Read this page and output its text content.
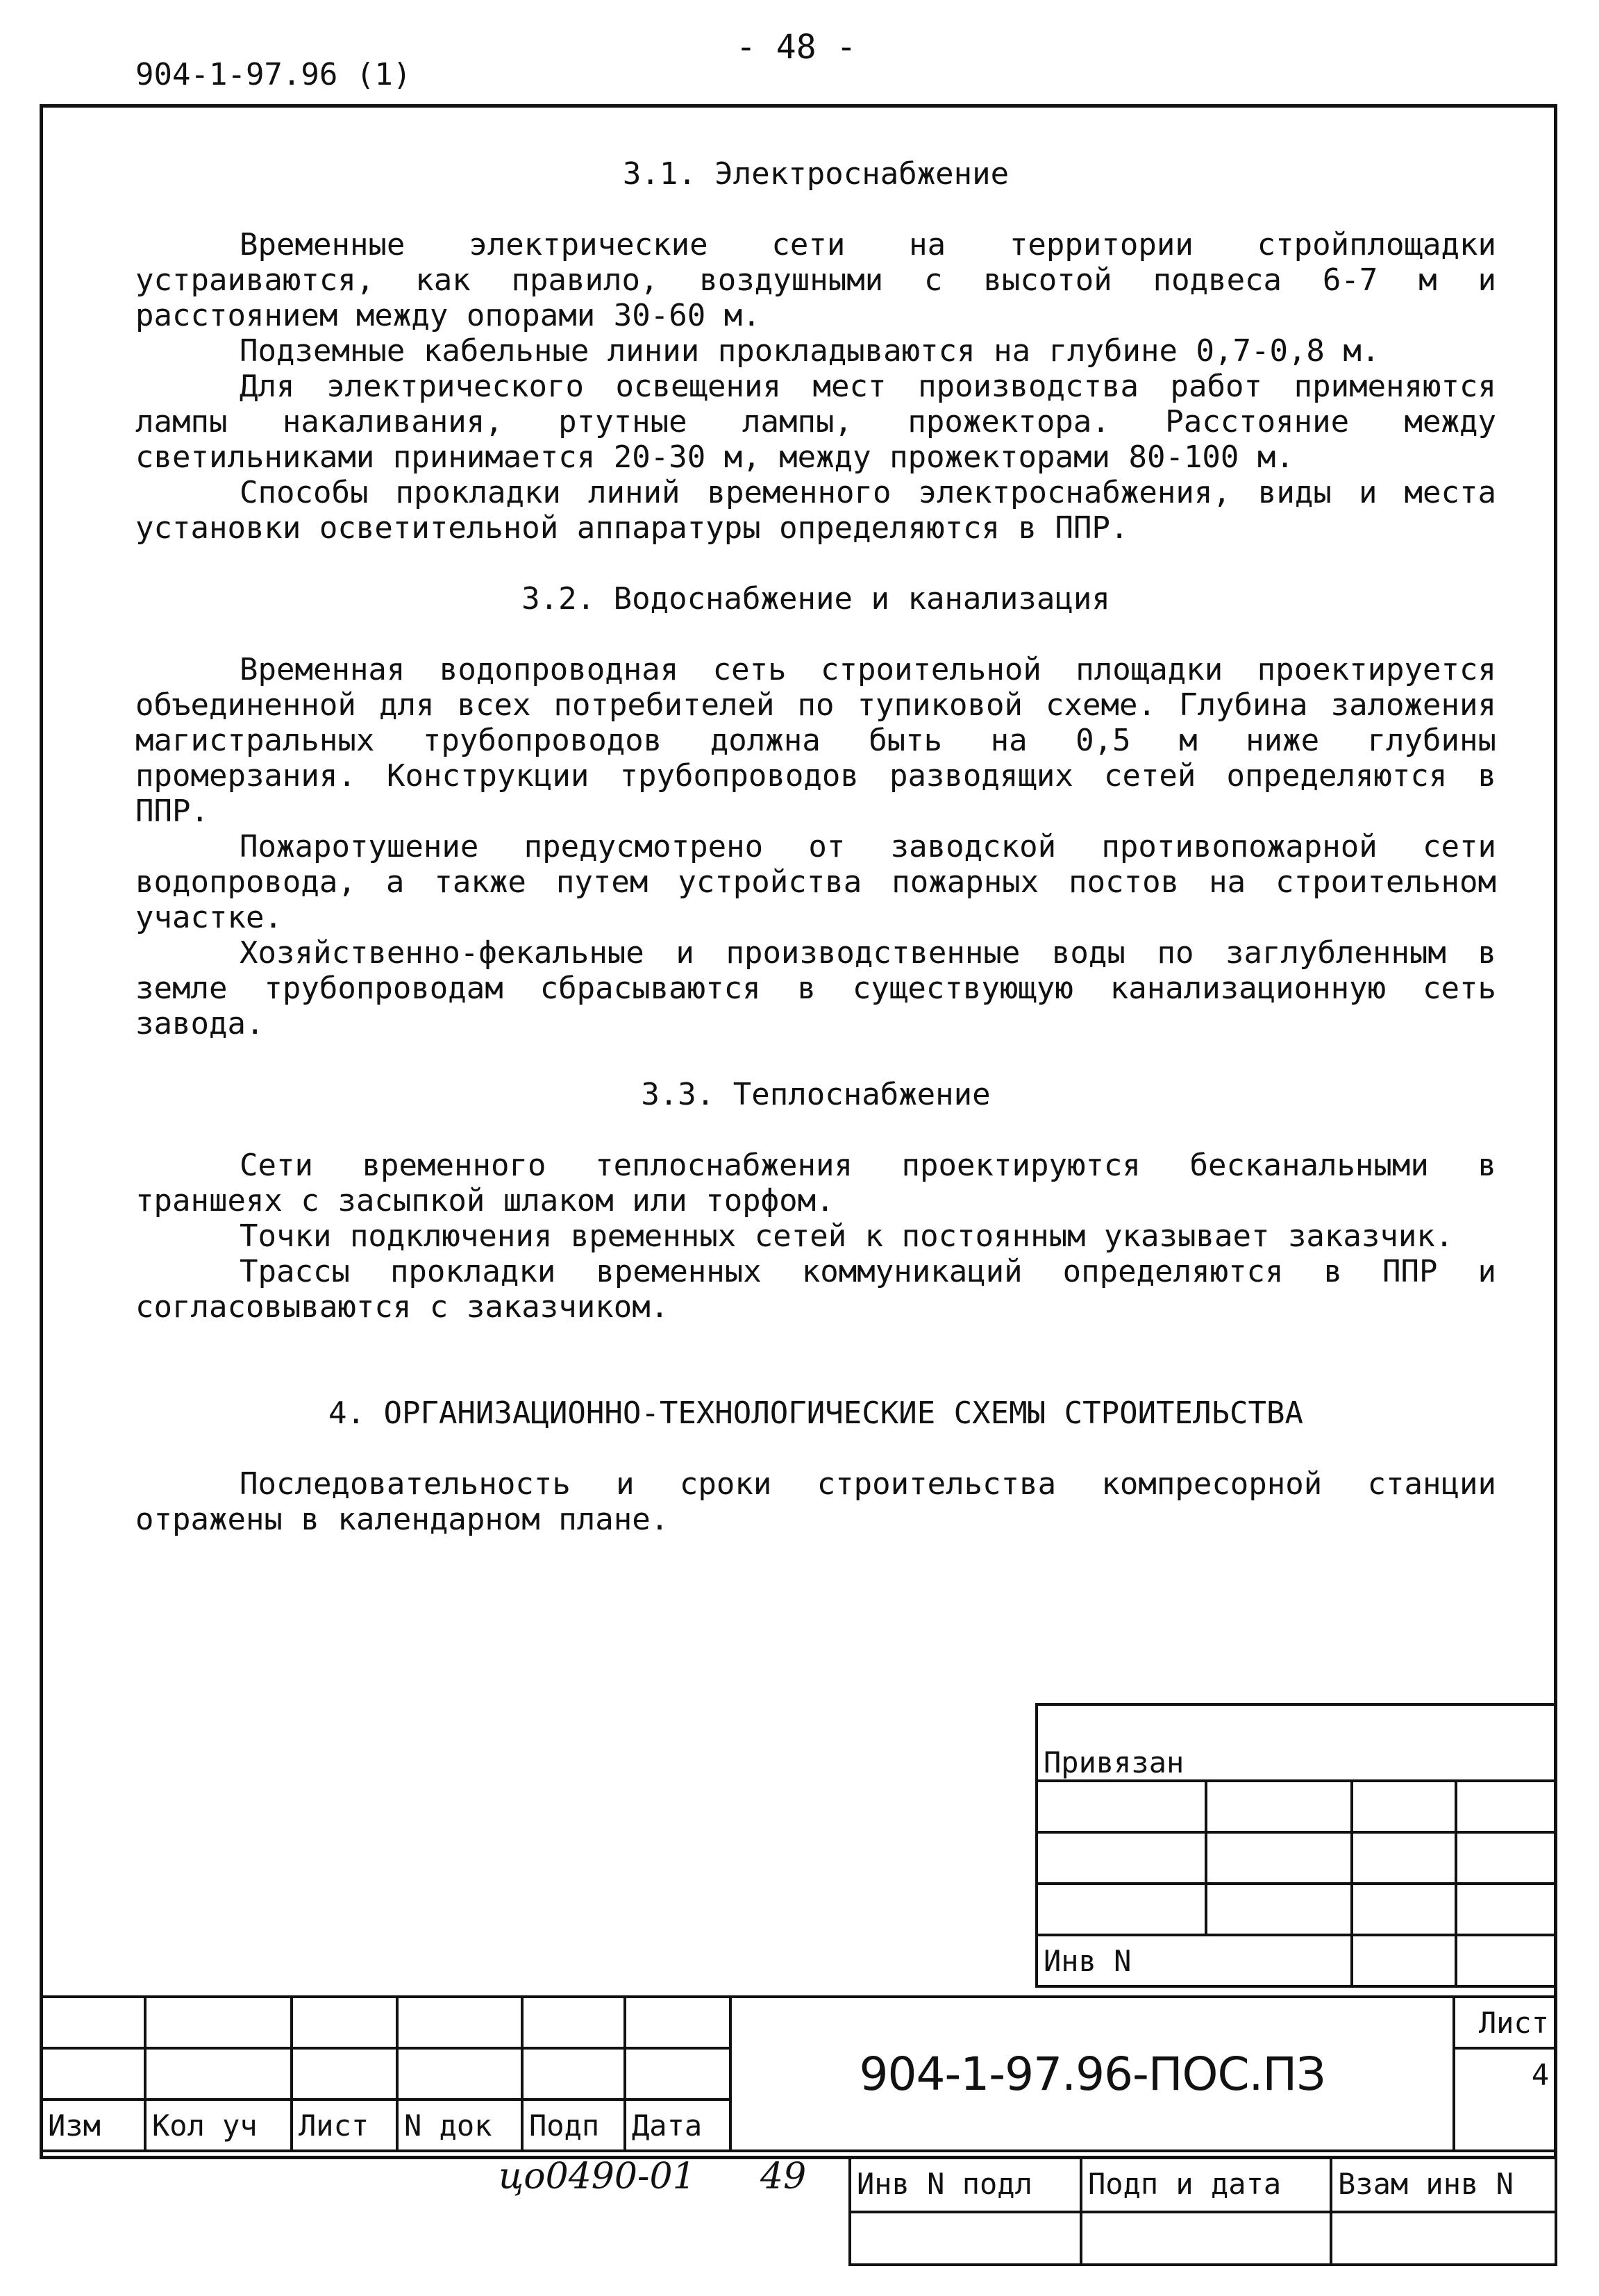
- 48 -
904-1-97.96 (1)
3.1. Электроснабжение

Временные электрические сети на территории стройплощадки устраиваются, как правило, воздушными с высотой подвеса 6-7 м и расстоянием между опорами 30-60 м.

Подземные кабельные линии прокладываются на глубине 0,7-0,8 м.

Для электрического освещения мест производства работ применяются лампы накаливания, ртутные лампы, прожектора. Расстояние между светильниками принимается 20-30 м, между прожекторами 80-100 м.

Способы прокладки линий временного электроснабжения, виды и места установки осветительной аппаратуры определяются в ППР.

3.2. Водоснабжение и канализация

Временная водопроводная сеть строительной площадки проектируется объединенной для всех потребителей по тупиковой схеме. Глубина заложения магистральных трубопроводов должна быть на 0,5 м ниже глубины промерзания. Конструкции трубопроводов разводящих сетей определяются в ППР.

Пожаротушение предусмотрено от заводской противопожарной сети водопровода, а также путем устройства пожарных постов на строительном участке.

Хозяйственно-фекальные и производственные воды по заглубленным в земле трубопроводам сбрасываются в существующую канализационную сеть завода.

3.3. Теплоснабжение

Сети временного теплоснабжения проектируются бесканальными в траншеях с засыпкой шлаком или торфом.

Точки подключения временных сетей к постоянным указывает заказчик.

Трассы прокладки временных коммуникаций определяются в ППР и согласовываются с заказчиком.

4. ОРГАНИЗАЦИОННО-ТЕХНОЛОГИЧЕСКИЕ СХЕМЫ СТРОИТЕЛЬСТВА

Последовательность и сроки строительства компресорной станции отражены в календарном плане.

Привязан			

Инв N			
						904-1-97.96-ПОС.ПЗ	Лист
							4
Изм	Кол уч	Лист	N док	Подп	Дата		
цо0490-01 49 Инв N подл	Подп и дата	Взам инв N
